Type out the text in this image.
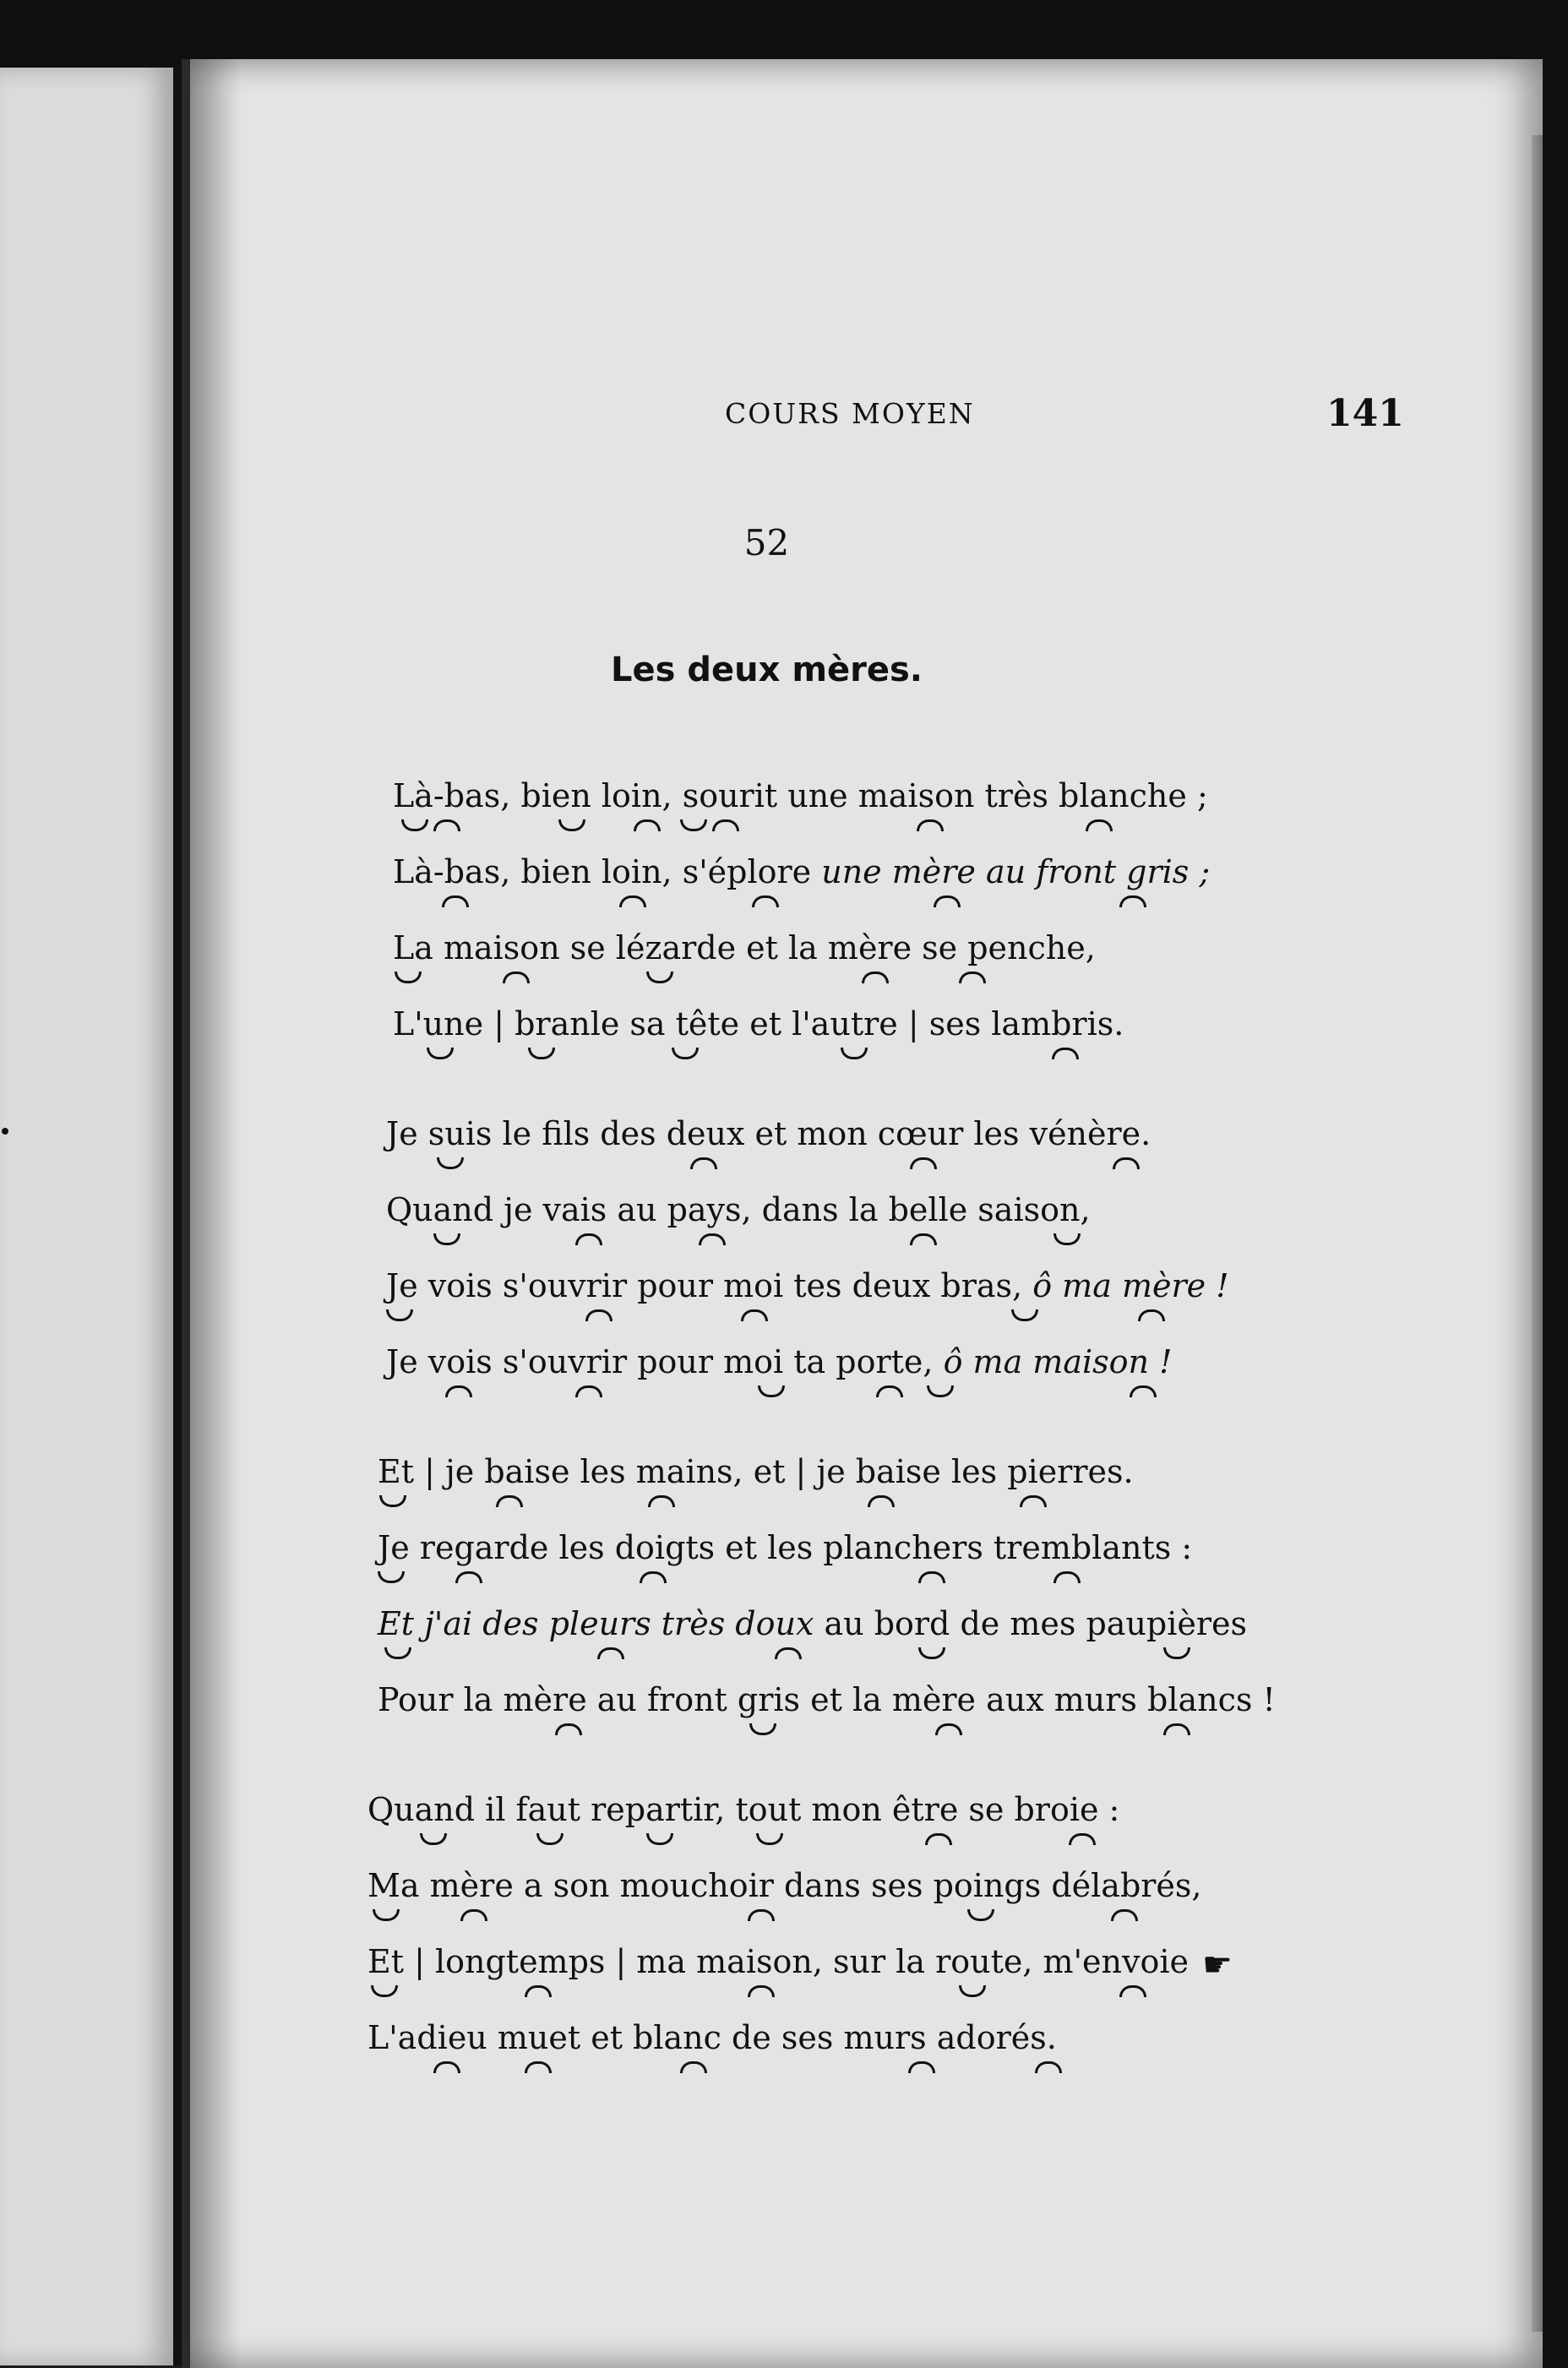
COURS MOYEN	141
52
Les deux mères.
Là-bas, bien loin, sourit une maison très blanche ;
Là-bas, bien loin, s'éplore une mère au front gris ;
La maison se lézarde et la mère se penche,
L'une | branle sa tête et l'autre | ses lambris.
Je suis le fils des deux et mon cœur les vénère.
Quand je vais au pays, dans la belle saison,
Je vois s'ouvrir pour moi tes deux bras, ô ma mère !
Je vois s'ouvrir pour moi ta porte, ô ma maison !
Et | je baise les mains, et | je baise les pierres.
Je regarde les doigts et les planchers tremblants :
Et j'ai des pleurs très doux au bord de mes paupières
Pour la mère au front gris et la mère aux murs blancs !
Quand il faut repartir, tout mon être se broie :
Ma mère a son mouchoir dans ses poings délabrés,
Et | longtemps | ma maison, sur la route, m'envoie ☛
L'adieu muet et blanc de ses murs adorés.
